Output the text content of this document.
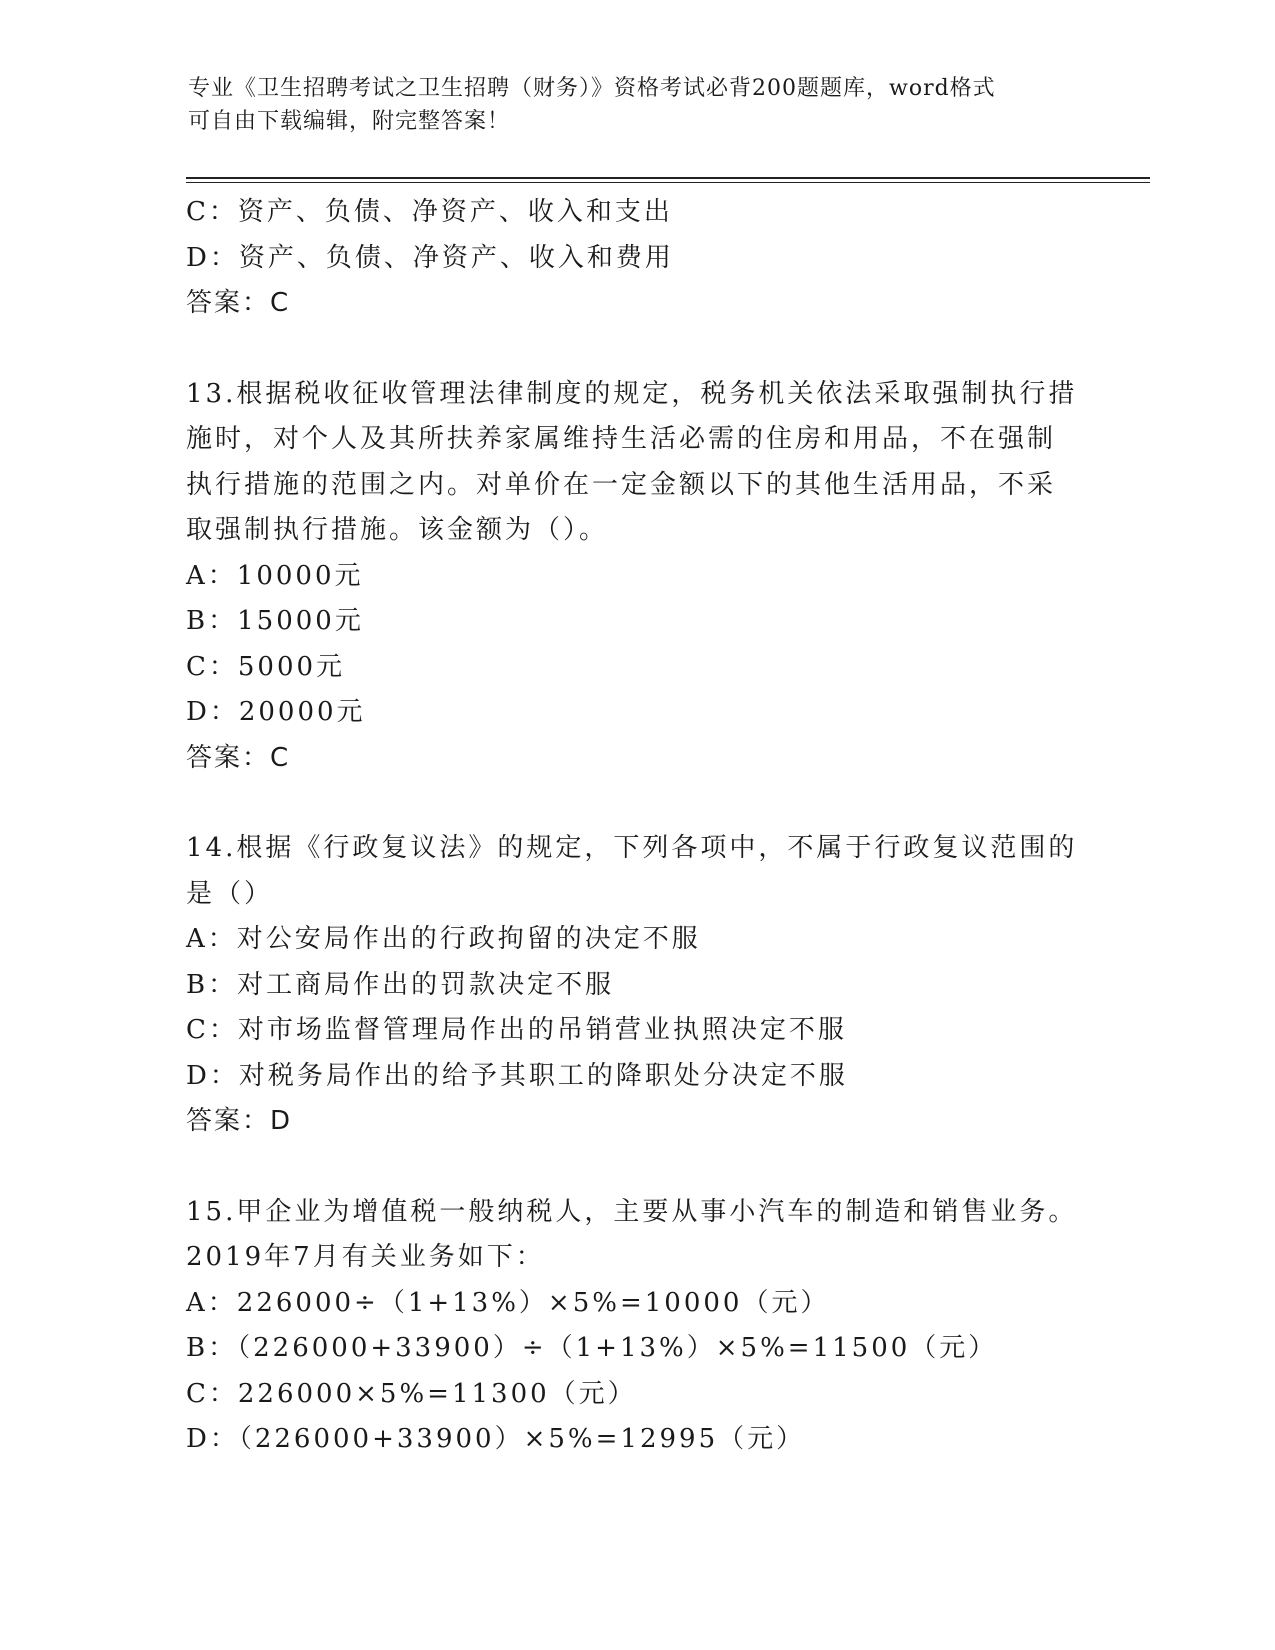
专业《卫生招聘考试之卫生招聘（财务）》资格考试必背200题题库，word格式
可自由下载编辑，附完整答案！
C：资产、负债、净资产、收入和支出
D：资产、负债、净资产、收入和费用
答案：C
13.根据税收征收管理法律制度的规定，税务机关依法采取强制执行措
施时，对个人及其所扶养家属维持生活必需的住房和用品，不在强制
执行措施的范围之内。对单价在一定金额以下的其他生活用品，不采
取强制执行措施。该金额为（）。
A：10000元
B：15000元
C：5000元
D：20000元
答案：C
14.根据《行政复议法》的规定，下列各项中，不属于行政复议范围的
是（）
A：对公安局作出的行政拘留的决定不服
B：对工商局作出的罚款决定不服
C：对市场监督管理局作出的吊销营业执照决定不服
D：对税务局作出的给予其职工的降职处分决定不服
答案：D
15.甲企业为增值税一般纳税人，主要从事小汽车的制造和销售业务。
2019年7月有关业务如下：
A：226000÷（1+13%）×5%=10000（元）
B：（226000+33900）÷（1+13%）×5%=11500（元）
C：226000×5%=11300（元）
D：（226000+33900）×5%=12995（元）
